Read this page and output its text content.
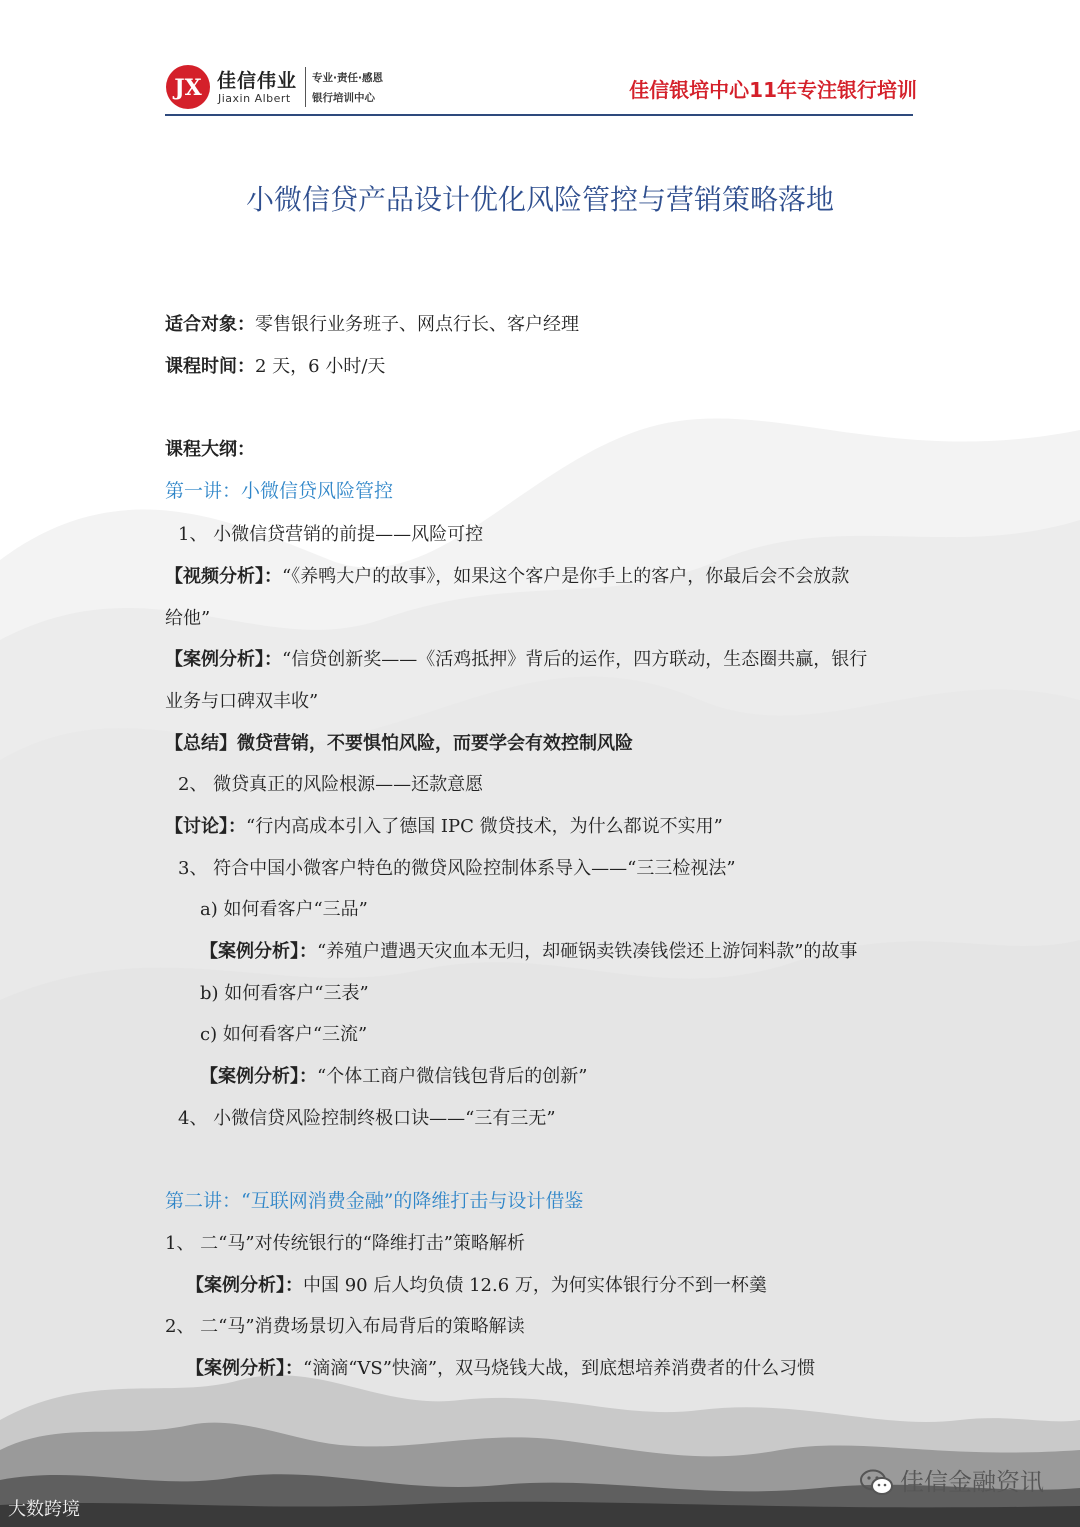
JX 佳信伟业
Jiaxin Albert
专业·责任·感恩
银行培训中心	佳信银培中心11年专注银行培训
小微信贷产品设计优化风险管控与营销策略落地
适合对象：零售银行业务班子、网点行长、客户经理
课程时间：2 天，6 小时/天
课程大纲：
第一讲：小微信贷风险管控
1、 小微信贷营销的前提——风险可控
【视频分析】：“《养鸭大户的故事》，如果这个客户是你手上的客户，你最后会不会放款
给他”
【案例分析】：“信贷创新奖——《活鸡抵押》背后的运作，四方联动，生态圈共赢，银行
业务与口碑双丰收”
【总结】微贷营销，不要惧怕风险，而要学会有效控制风险
2、 微贷真正的风险根源——还款意愿
【讨论】：“行内高成本引入了德国 IPC 微贷技术，为什么都说不实用”
3、 符合中国小微客户特色的微贷风险控制体系导入——“三三检视法”
a) 如何看客户“三品”
【案例分析】：“养殖户遭遇天灾血本无归，却砸锅卖铁凑钱偿还上游饲料款”的故事
b) 如何看客户“三表”
c) 如何看客户“三流”
【案例分析】：“个体工商户微信钱包背后的创新”
4、 小微信贷风险控制终极口诀——“三有三无”
第二讲：“互联网消费金融”的降维打击与设计借鉴
1、 二“马”对传统银行的“降维打击”策略解析
【案例分析】：中国 90 后人均负债 12.6 万，为何实体银行分不到一杯羹
2、 二“马”消费场景切入布局背后的策略解读
【案例分析】：“滴滴“VS”快滴”，双马烧钱大战，到底想培养消费者的什么习惯
佳信金融资讯
大数跨境
